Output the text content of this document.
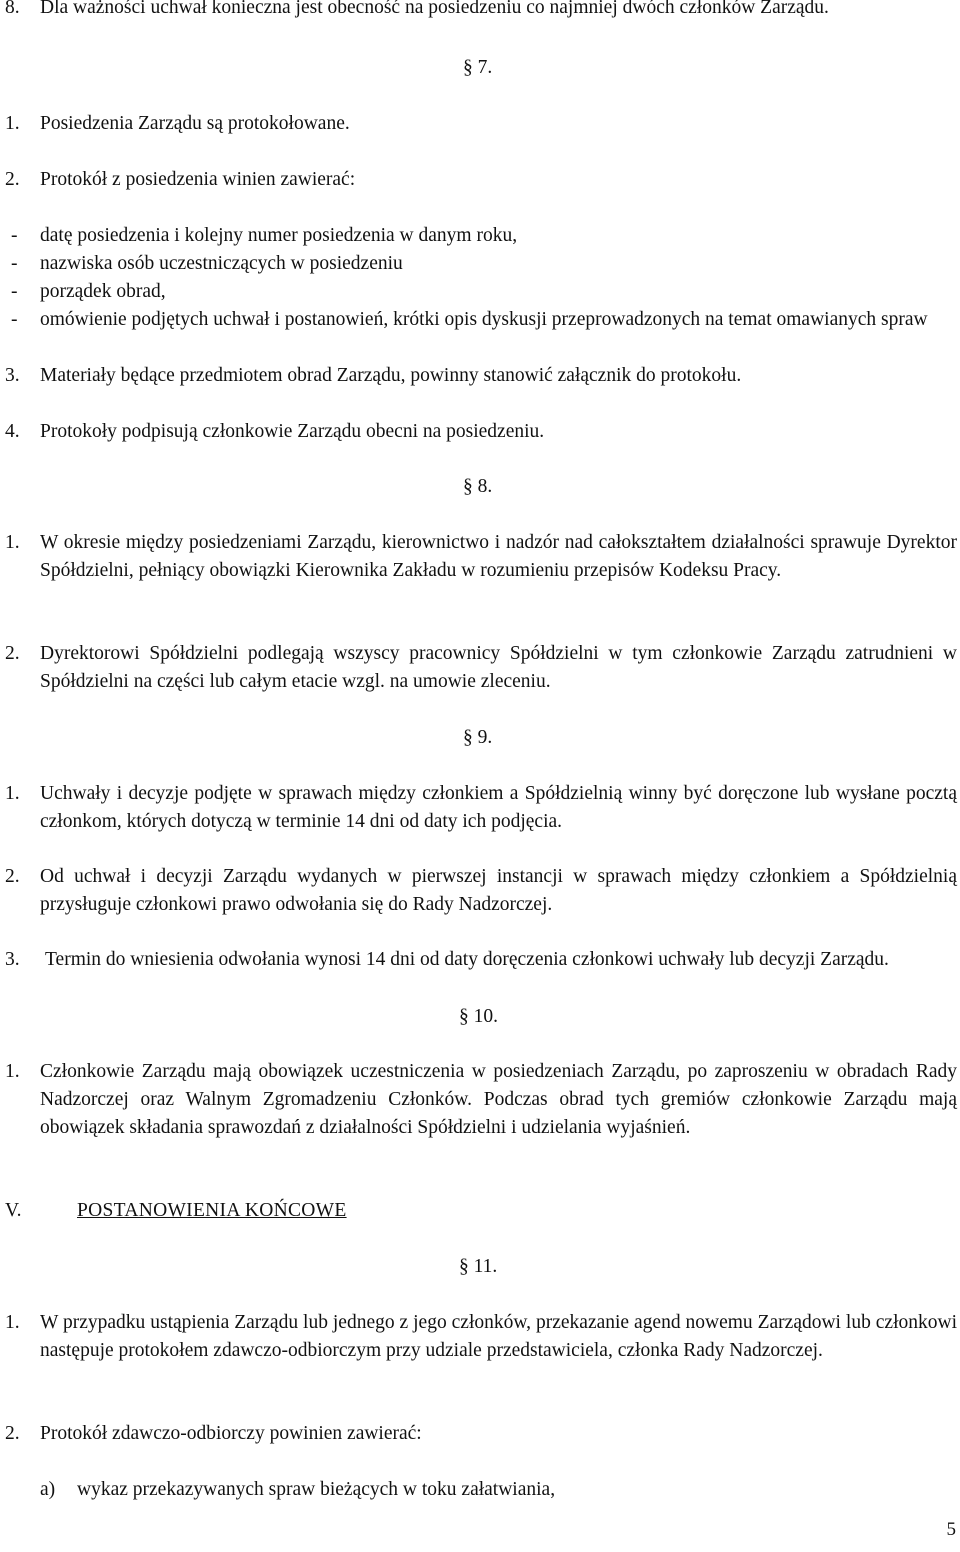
8.	Dla ważności uchwał konieczna jest obecność na posiedzeniu co najmniej dwóch członków Zarządu.
§ 7.
1.	Posiedzenia Zarządu są protokołowane.
2.	Protokół z posiedzenia winien zawierać:
-	datę posiedzenia i kolejny numer posiedzenia w danym roku,
-	nazwiska osób uczestniczących w posiedzeniu
-	porządek obrad,
-	omówienie podjętych uchwał i postanowień, krótki opis dyskusji przeprowadzonych na temat omawianych spraw
3.	Materiały będące przedmiotem obrad Zarządu, powinny stanowić załącznik do protokołu.
4.	Protokoły podpisują członkowie Zarządu obecni na posiedzeniu.
§ 8.
1.	W okresie między posiedzeniami Zarządu, kierownictwo i nadzór nad całokształtem działalności sprawuje Dyrektor Spółdzielni, pełniący obowiązki Kierownika Zakładu w rozumieniu przepisów Kodeksu Pracy.
2.	Dyrektorowi Spółdzielni podlegają wszyscy pracownicy Spółdzielni w tym członkowie Zarządu zatrudnieni w Spółdzielni na części lub całym etacie wzgl. na umowie zleceniu.
§ 9.
1.	Uchwały i decyzje podjęte w sprawach między członkiem a Spółdzielnią winny być doręczone lub wysłane pocztą członkom, których dotyczą w terminie 14 dni od daty ich podjęcia.
2.	Od uchwał i decyzji Zarządu wydanych w pierwszej instancji w sprawach między członkiem a Spółdzielnią przysługuje członkowi prawo odwołania się do Rady Nadzorczej.
3.	Termin do wniesienia odwołania wynosi 14 dni od daty doręczenia członkowi uchwały lub decyzji Zarządu.
§ 10.
1.	Członkowie Zarządu mają obowiązek uczestniczenia w posiedzeniach Zarządu, po zaproszeniu w obradach Rady Nadzorczej oraz Walnym Zgromadzeniu Członków. Podczas obrad tych gremiów członkowie Zarządu mają obowiązek składania sprawozdań z działalności Spółdzielni i udzielania wyjaśnień.
V.	POSTANOWIENIA KOŃCOWE
§ 11.
1.	W przypadku ustąpienia Zarządu lub jednego z jego członków, przekazanie agend nowemu Zarządowi lub członkowi następuje protokołem zdawczo-odbiorczym przy udziale przedstawiciela, członka Rady Nadzorczej.
2.	Protokół zdawczo-odbiorczy powinien zawierać:
a)	wykaz przekazywanych spraw bieżących w toku załatwiania,
5
